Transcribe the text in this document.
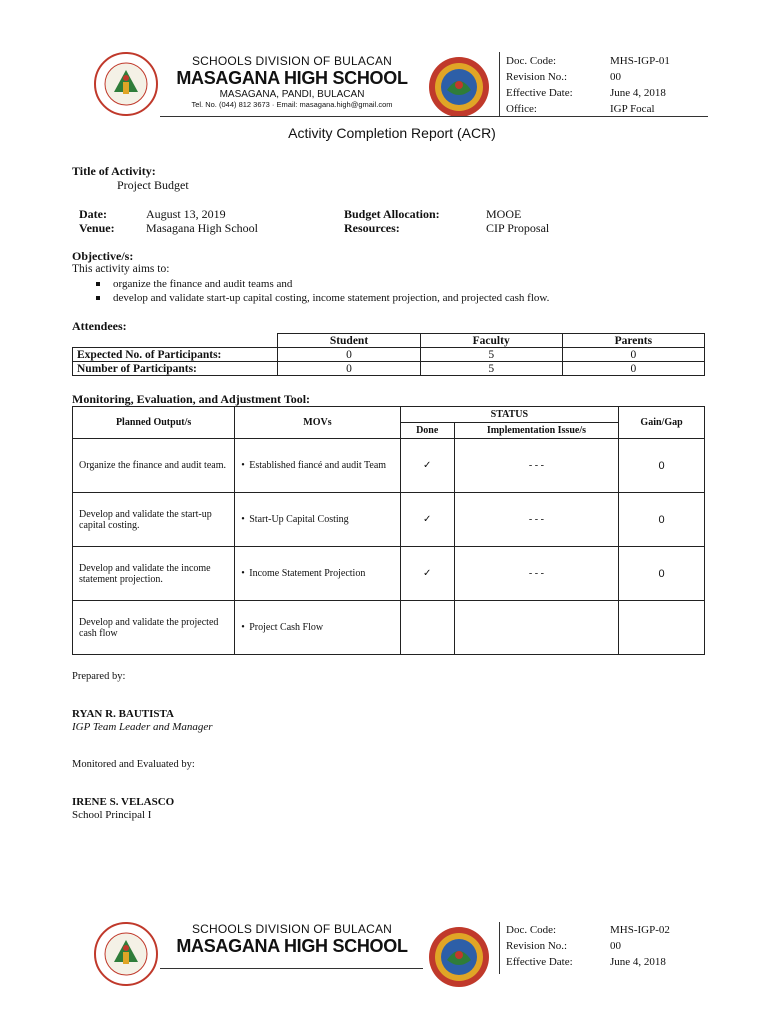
SCHOOLS DIVISION OF BULACAN
MASAGANA HIGH SCHOOL
MASAGANA, PANDI, BULACAN
Tel. No. (044) 812 3673 · Email: masagana.high@gmail.com
Doc. Code:	MHS-IGP-01
Revision No.:	00
Effective Date:	June 4, 2018
Office:	IGP Focal
Activity Completion Report (ACR)
Title of Activity:
Project Budget
Date:	August 13, 2019
Venue:	Masagana High School
Budget Allocation:	MOOE
Resources:	CIP Proposal
Objective/s:
This activity aims to:
organize the finance and audit teams and
develop and validate start-up capital costing, income statement projection, and projected cash flow.
Attendees:
	Student	Faculty	Parents
Expected No. of Participants:	0	5	0
Number of Participants:	0	5	0
Monitoring, Evaluation, and Adjustment Tool:
Planned Output/s	MOVs	STATUS		Gain/Gap
		Done	Implementation Issue/s	
Organize the finance and audit team.	• Established fiancé and audit Team	✓	- - -	0
Develop and validate the start-up capital costing.	• Start-Up Capital Costing	✓	- - -	0
Develop and validate the income statement projection.	• Income Statement Projection	✓	- - -	0
Develop and validate the projected cash flow	• Project Cash Flow			
Prepared by:
RYAN R. BAUTISTA
IGP Team Leader and Manager
Monitored and Evaluated by:
IRENE S. VELASCO
School Principal I
SCHOOLS DIVISION OF BULACAN
MASAGANA HIGH SCHOOL
Doc. Code:	MHS-IGP-02
Revision No.:	00
Effective Date:	June 4, 2018
